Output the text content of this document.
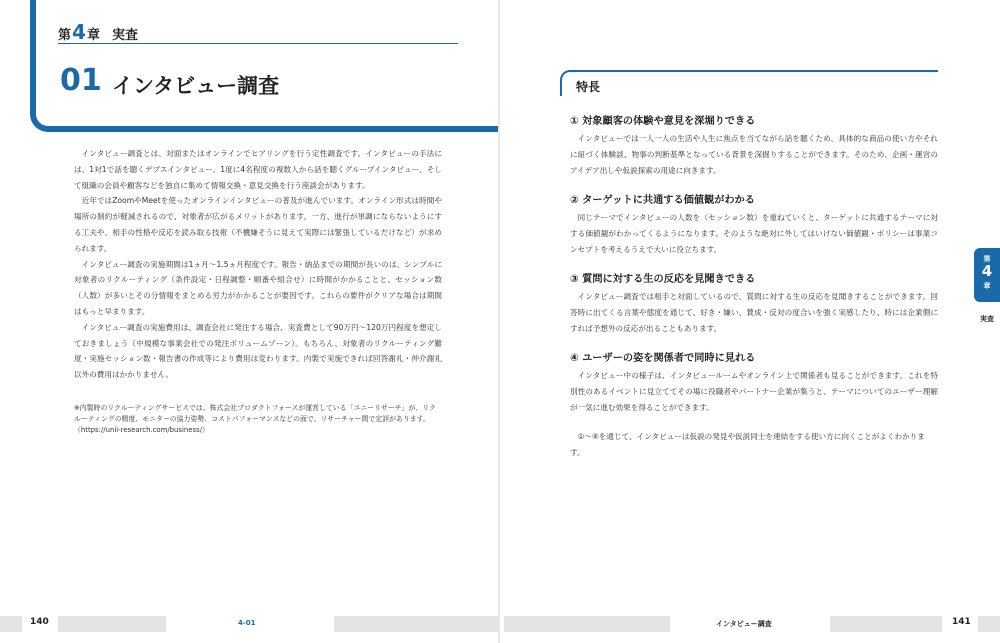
第4章 実査
01 インタビュー調査

インタビュー調査とは、対面またはオンラインでヒアリングを行う定性調査です。インタビューの手法には、1対1で話を聴くデプスインタビュー、1度に4名程度の複数人から話を聴くグループインタビュー、そして組織の会員や顧客などを独自に集めて情報交換・意見交換を行う座談会があります。

近年ではZoomやMeetを使ったオンラインインタビューの普及が進んでいます。オンライン形式は時間や場所の制約が軽減されるので、対象者が広がるメリットがあります。一方、進行が単調にならないようにする工夫や、相手の性格や反応を読み取る技術（不機嫌そうに見えて実際には緊張しているだけなど）が求められます。

インタビュー調査の実施期間は1ヵ月〜1.5ヵ月程度です。報告・納品までの期間が長いのは、シンプルに対象者のリクルーティング（条件設定・日程調整・順番や組合せ）に時間がかかることと、セッション数（人数）が多いとその分情報をまとめる労力がかかることが要因です。これらの要件がクリアな場合は期間はもっと早まります。

インタビュー調査の実施費用は、調査会社に発注する場合、実査費として90万円〜120万円程度を想定しておきましょう（中規模な事業会社での発注ボリュームゾーン）。もちろん、対象者のリクルーティング難度・実施セッション数・報告書の作成等により費用は変わります。内製で実施できれば回答謝礼・仲介謝礼以外の費用はかかりません。

※内製時のリクルーティングサービスでは、株式会社プロダクトフォースが運営している「ユニーリサーチ」が、リクルーティングの精度、モニターの協力姿勢、コストパフォーマンスなどの面で、リサーチャー間で定評があります。（https://unii-research.com/business/）
140	4-01
特長
① 対象顧客の体験や意見を深堀りできる

インタビューでは一人一人の生活や人生に焦点を当てながら話を聴くため、具体的な商品の使い方やそれに紐づく体験談、物事の判断基準となっている背景を深掘りすることができます。そのため、企画・運営のアイデア出しや仮説探索の用途に向きます。

② ターゲットに共通する価値観がわかる

同じテーマでインタビューの人数を（セッション数）を重ねていくと、ターゲットに共通するテーマに対する価値観がわかってくるようになります。そのような絶対に外してはいけない価値観・ポリシーは事業コンセプトを考えるうえで大いに役立ちます。

③ 質問に対する生の反応を見聞きできる

インタビュー調査では相手と対面しているので、質問に対する生の反応を見聞きすることができます。回答時に出てくる言葉や態度を通じて、好き・嫌い、賛成・反対の度合いを強く実感したり、時には企業側にすれば予想外の反応が出ることもあります。

④ ユーザーの姿を関係者で同時に見れる

インタビュー中の様子は、インタビュールームやオンライン上で関係者も見ることができます。これを特別性のあるイベントに見立ててその場に役職者やパートナー企業が集うと、テーマについてのユーザー理解が一気に進む効果を得ることができます。

①〜④を通じて、インタビューは仮説の発見や仮説同士を連結をする使い方に向くことがよくわかります。
第
4
章
実査
インタビュー調査	141
